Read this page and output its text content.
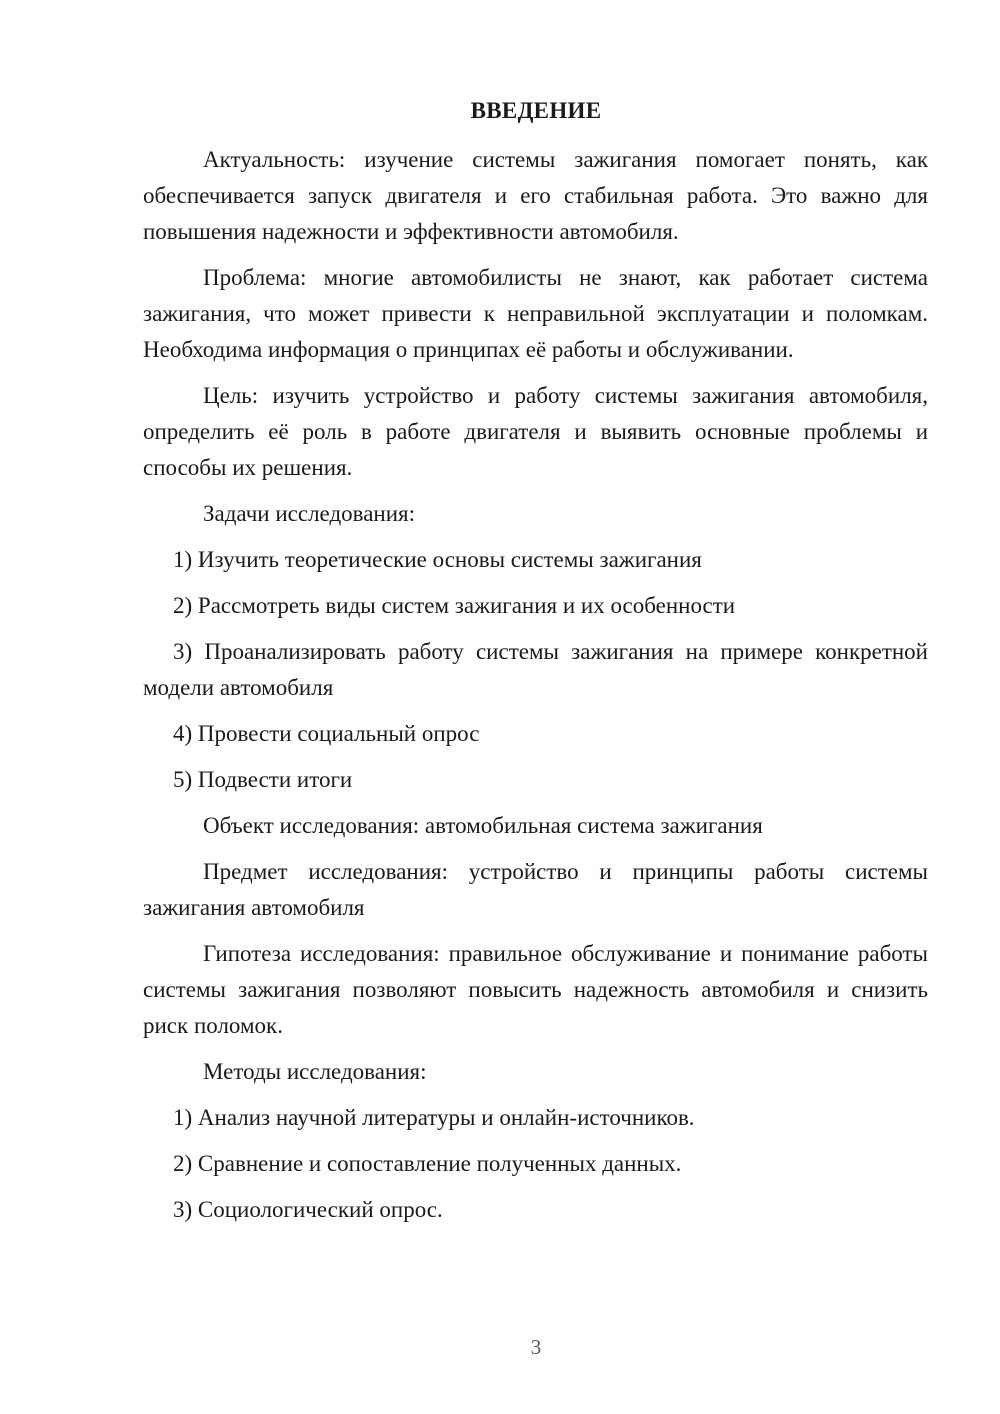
ВВЕДЕНИЕ

Актуальность: изучение системы зажигания помогает понять, как обеспечивается запуск двигателя и его стабильная работа. Это важно для повышения надежности и эффективности автомобиля.

Проблема: многие автомобилисты не знают, как работает система зажигания, что может привести к неправильной эксплуатации и поломкам. Необходима информация о принципах её работы и обслуживании.

Цель: изучить устройство и работу системы зажигания автомобиля, определить её роль в работе двигателя и выявить основные проблемы и способы их решения.

Задачи исследования:

1) Изучить теоретические основы системы зажигания

2) Рассмотреть виды систем зажигания и их особенности

3) Проанализировать работу системы зажигания на примере конкретной модели автомобиля

4) Провести социальный опрос

5) Подвести итоги

Объект исследования: автомобильная система зажигания

Предмет исследования: устройство и принципы работы системы зажигания автомобиля

Гипотеза исследования: правильное обслуживание и понимание работы системы зажигания позволяют повысить надежность автомобиля и снизить риск поломок.

Методы исследования:

1) Анализ научной литературы и онлайн-источников.

2) Сравнение и сопоставление полученных данных.

3) Социологический опрос.

3
